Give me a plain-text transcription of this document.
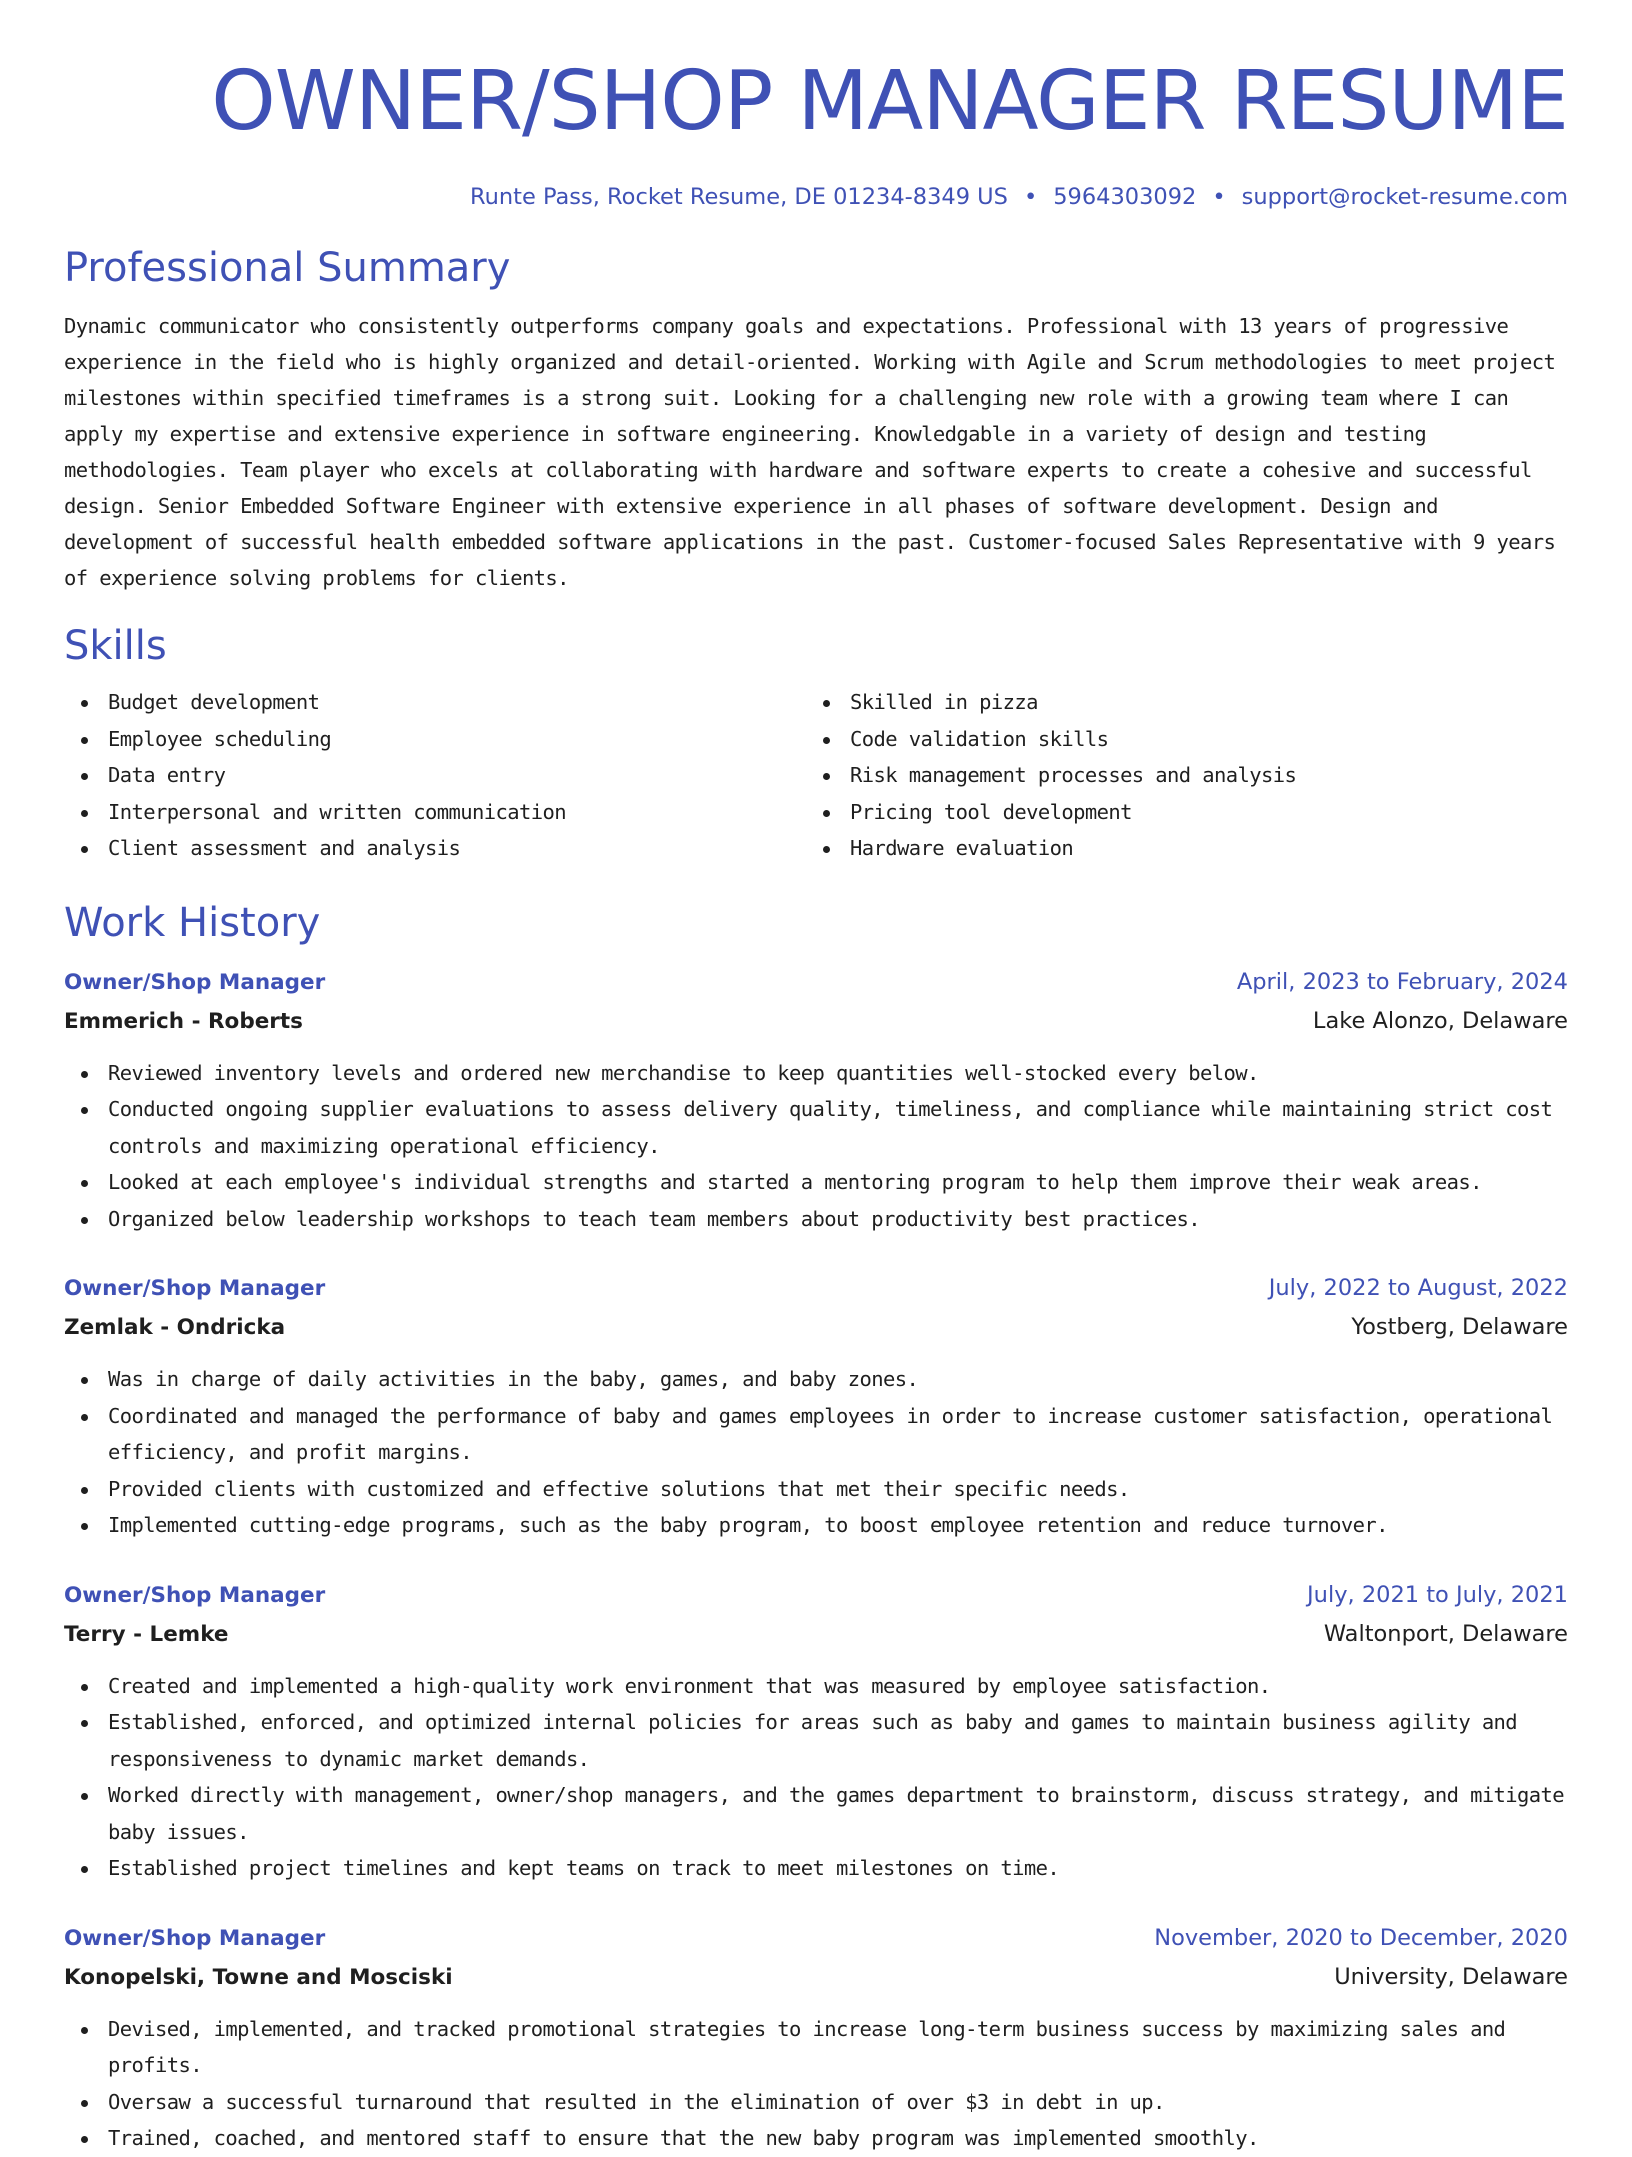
OWNER/SHOP MANAGER RESUME
Runte Pass, Rocket Resume, DE 01234-8349 US • 5964303092 • support@rocket-resume.com
Professional Summary
Dynamic communicator who consistently outperforms company goals and expectations. Professional with 13 years of progressive experience in the field who is highly organized and detail-oriented. Working with Agile and Scrum methodologies to meet project milestones within specified timeframes is a strong suit. Looking for a challenging new role with a growing team where I can apply my expertise and extensive experience in software engineering. Knowledgable in a variety of design and testing methodologies. Team player who excels at collaborating with hardware and software experts to create a cohesive and successful design. Senior Embedded Software Engineer with extensive experience in all phases of software development. Design and development of successful health embedded software applications in the past. Customer-focused Sales Representative with 9 years of experience solving problems for clients.
Skills
Budget development
Employee scheduling
Data entry
Interpersonal and written communication
Client assessment and analysis
Skilled in pizza
Code validation skills
Risk management processes and analysis
Pricing tool development
Hardware evaluation
Work History
Owner/Shop Manager	April, 2023 to February, 2024
Emmerich - Roberts	Lake Alonzo, Delaware
Reviewed inventory levels and ordered new merchandise to keep quantities well-stocked every below.
Conducted ongoing supplier evaluations to assess delivery quality, timeliness, and compliance while maintaining strict cost controls and maximizing operational efficiency.
Looked at each employee's individual strengths and started a mentoring program to help them improve their weak areas.
Organized below leadership workshops to teach team members about productivity best practices.
Owner/Shop Manager	July, 2022 to August, 2022
Zemlak - Ondricka	Yostberg, Delaware
Was in charge of daily activities in the baby, games, and baby zones.
Coordinated and managed the performance of baby and games employees in order to increase customer satisfaction, operational efficiency, and profit margins.
Provided clients with customized and effective solutions that met their specific needs.
Implemented cutting-edge programs, such as the baby program, to boost employee retention and reduce turnover.
Owner/Shop Manager	July, 2021 to July, 2021
Terry - Lemke	Waltonport, Delaware
Created and implemented a high-quality work environment that was measured by employee satisfaction.
Established, enforced, and optimized internal policies for areas such as baby and games to maintain business agility and responsiveness to dynamic market demands.
Worked directly with management, owner/shop managers, and the games department to brainstorm, discuss strategy, and mitigate baby issues.
Established project timelines and kept teams on track to meet milestones on time.
Owner/Shop Manager	November, 2020 to December, 2020
Konopelski, Towne and Mosciski	University, Delaware
Devised, implemented, and tracked promotional strategies to increase long-term business success by maximizing sales and profits.
Oversaw a successful turnaround that resulted in the elimination of over $3 in debt in up.
Trained, coached, and mentored staff to ensure that the new baby program was implemented smoothly.
